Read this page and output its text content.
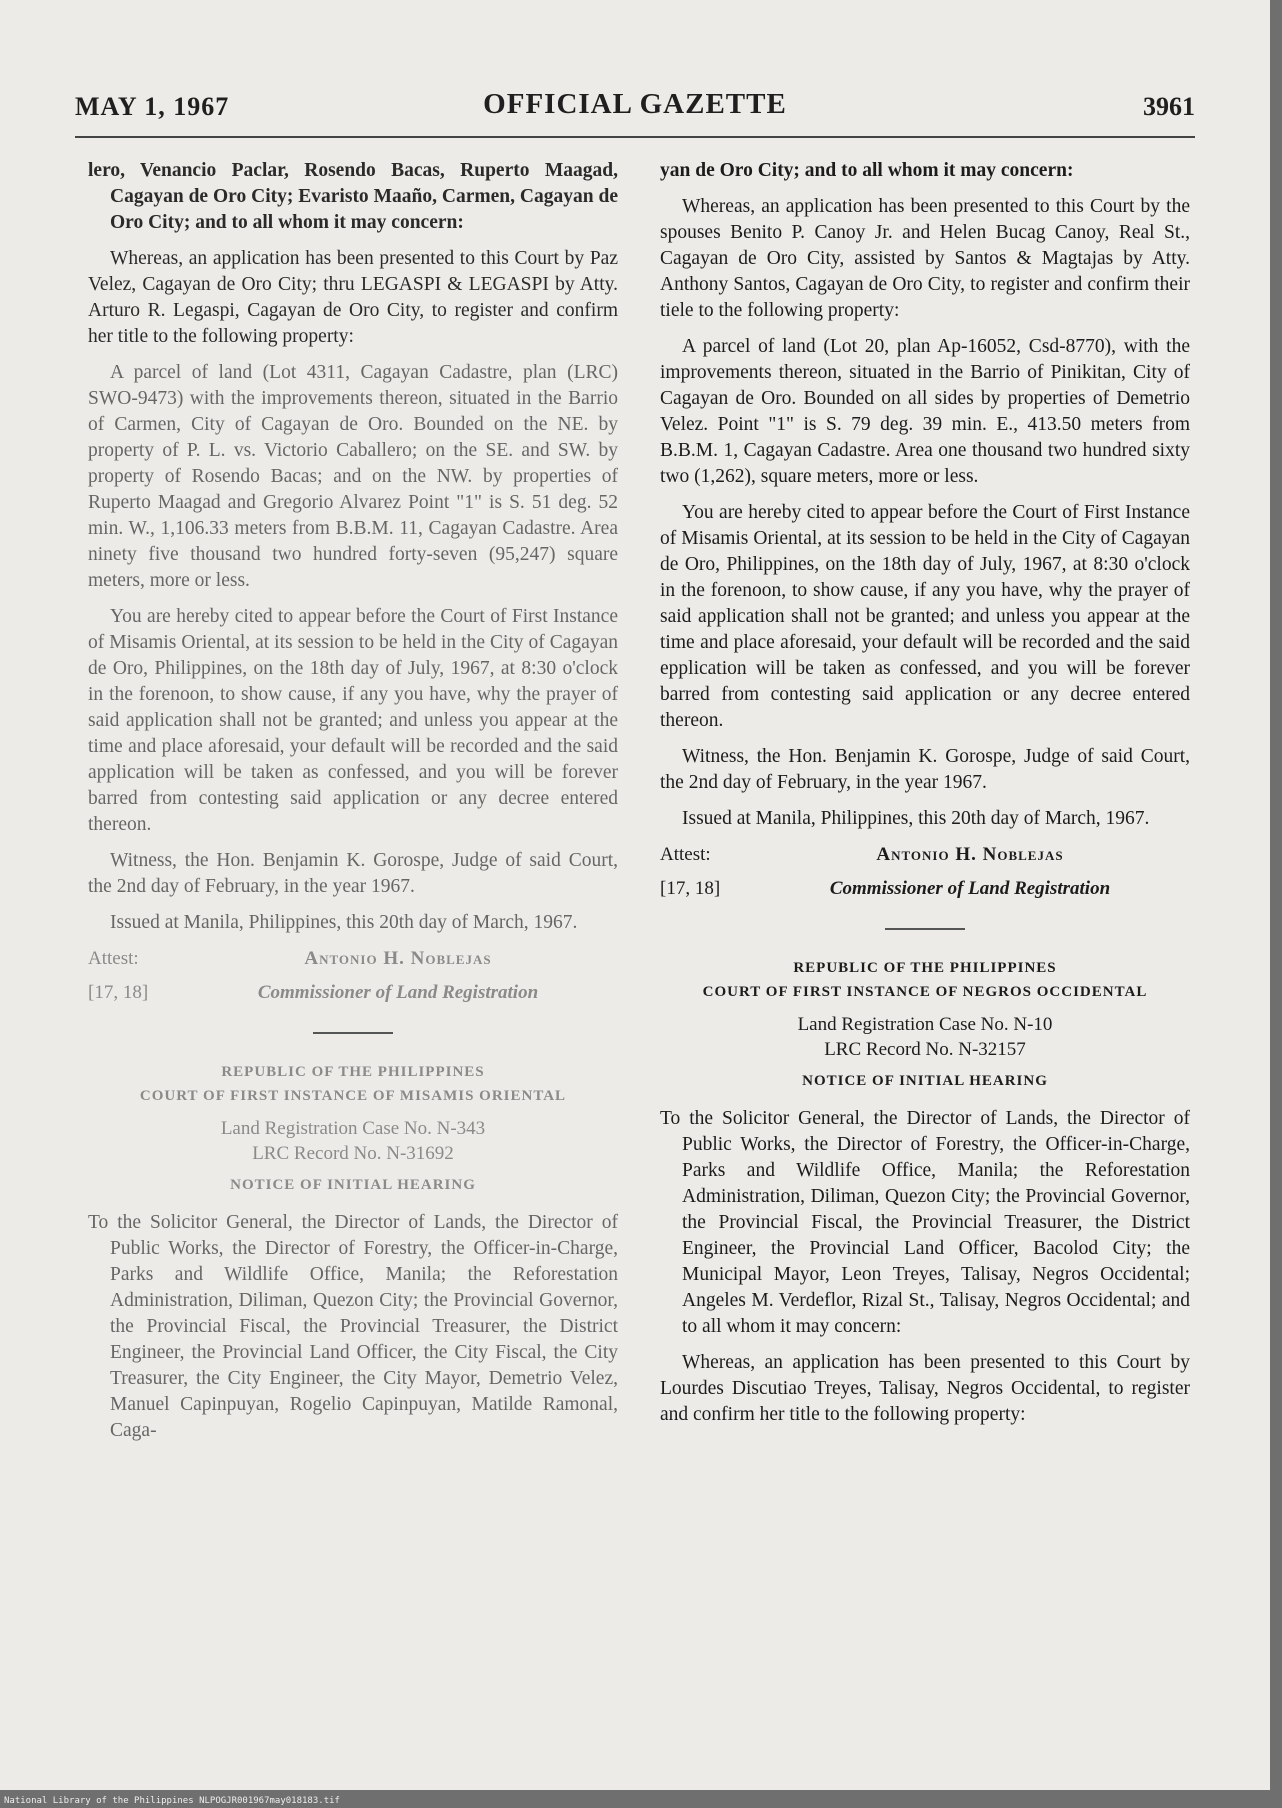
MAY 1, 1967	OFFICIAL GAZETTE	3961

lero, Venancio Paclar, Rosendo Bacas, Ruperto Maagad, Cagayan de Oro City; Evaristo Maaño, Carmen, Cagayan de Oro City; and to all whom it may concern:

Whereas, an application has been presented to this Court by Paz Velez, Cagayan de Oro City; thru LEGASPI & LEGASPI by Atty. Arturo R. Legaspi, Cagayan de Oro City, to register and confirm her title to the following property:

A parcel of land (Lot 4311, Cagayan Cadastre, plan (LRC) SWO-9473) with the improvements thereon, situated in the Barrio of Carmen, City of Cagayan de Oro. Bounded on the NE. by property of P. L. vs. Victorio Caballero; on the SE. and SW. by property of Rosendo Bacas; and on the NW. by properties of Ruperto Maagad and Gregorio Alvarez Point "1" is S. 51 deg. 52 min. W., 1,106.33 meters from B.B.M. 11, Cagayan Cadastre. Area ninety five thousand two hundred forty-seven (95,247) square meters, more or less.

You are hereby cited to appear before the Court of First Instance of Misamis Oriental, at its session to be held in the City of Cagayan de Oro, Philippines, on the 18th day of July, 1967, at 8:30 o'clock in the forenoon, to show cause, if any you have, why the prayer of said application shall not be granted; and unless you appear at the time and place aforesaid, your default will be recorded and the said application will be taken as confessed, and you will be forever barred from contesting said application or any decree entered thereon.

Witness, the Hon. Benjamin K. Gorospe, Judge of said Court, the 2nd day of February, in the year 1967.

Issued at Manila, Philippines, this 20th day of March, 1967.

Attest:	Antonio H. Noblejas
[17, 18]	Commissioner of Land Registration
REPUBLIC OF THE PHILIPPINES
COURT OF FIRST INSTANCE OF MISAMIS ORIENTAL
Land Registration Case No. N-343
LRC Record No. N-31692
NOTICE OF INITIAL HEARING

To the Solicitor General, the Director of Lands, the Director of Public Works, the Director of Forestry, the Officer-in-Charge, Parks and Wildlife Office, Manila; the Reforestation Administration, Diliman, Quezon City; the Provincial Governor, the Provincial Fiscal, the Provincial Treasurer, the District Engineer, the Provincial Land Officer, the City Fiscal, the City Treasurer, the City Engineer, the City Mayor, Demetrio Velez, Manuel Capinpuyan, Rogelio Capinpuyan, Matilde Ramonal, Caga-

yan de Oro City; and to all whom it may concern:

Whereas, an application has been presented to this Court by the spouses Benito P. Canoy Jr. and Helen Bucag Canoy, Real St., Cagayan de Oro City, assisted by Santos & Magtajas by Atty. Anthony Santos, Cagayan de Oro City, to register and confirm their tiele to the following property:

A parcel of land (Lot 20, plan Ap-16052, Csd-8770), with the improvements thereon, situated in the Barrio of Pinikitan, City of Cagayan de Oro. Bounded on all sides by properties of Demetrio Velez. Point "1" is S. 79 deg. 39 min. E., 413.50 meters from B.B.M. 1, Cagayan Cadastre. Area one thousand two hundred sixty two (1,262), square meters, more or less.

You are hereby cited to appear before the Court of First Instance of Misamis Oriental, at its session to be held in the City of Cagayan de Oro, Philippines, on the 18th day of July, 1967, at 8:30 o'clock in the forenoon, to show cause, if any you have, why the prayer of said application shall not be granted; and unless you appear at the time and place aforesaid, your default will be recorded and the said epplication will be taken as confessed, and you will be forever barred from contesting said application or any decree entered thereon.

Witness, the Hon. Benjamin K. Gorospe, Judge of said Court, the 2nd day of February, in the year 1967.

Issued at Manila, Philippines, this 20th day of March, 1967.

Attest:	Antonio H. Noblejas
[17, 18]	Commissioner of Land Registration
REPUBLIC OF THE PHILIPPINES
COURT OF FIRST INSTANCE OF NEGROS OCCIDENTAL
Land Registration Case No. N-10
LRC Record No. N-32157
NOTICE OF INITIAL HEARING

To the Solicitor General, the Director of Lands, the Director of Public Works, the Director of Forestry, the Officer-in-Charge, Parks and Wildlife Office, Manila; the Reforestation Administration, Diliman, Quezon City; the Provincial Governor, the Provincial Fiscal, the Provincial Treasurer, the District Engineer, the Provincial Land Officer, Bacolod City; the Municipal Mayor, Leon Treyes, Talisay, Negros Occidental; Angeles M. Verdeflor, Rizal St., Talisay, Negros Occidental; and to all whom it may concern:

Whereas, an application has been presented to this Court by Lourdes Discutiao Treyes, Talisay, Negros Occidental, to register and confirm her title to the following property:

National Library of the Philippines NLPOGJR001967may018183.tif
